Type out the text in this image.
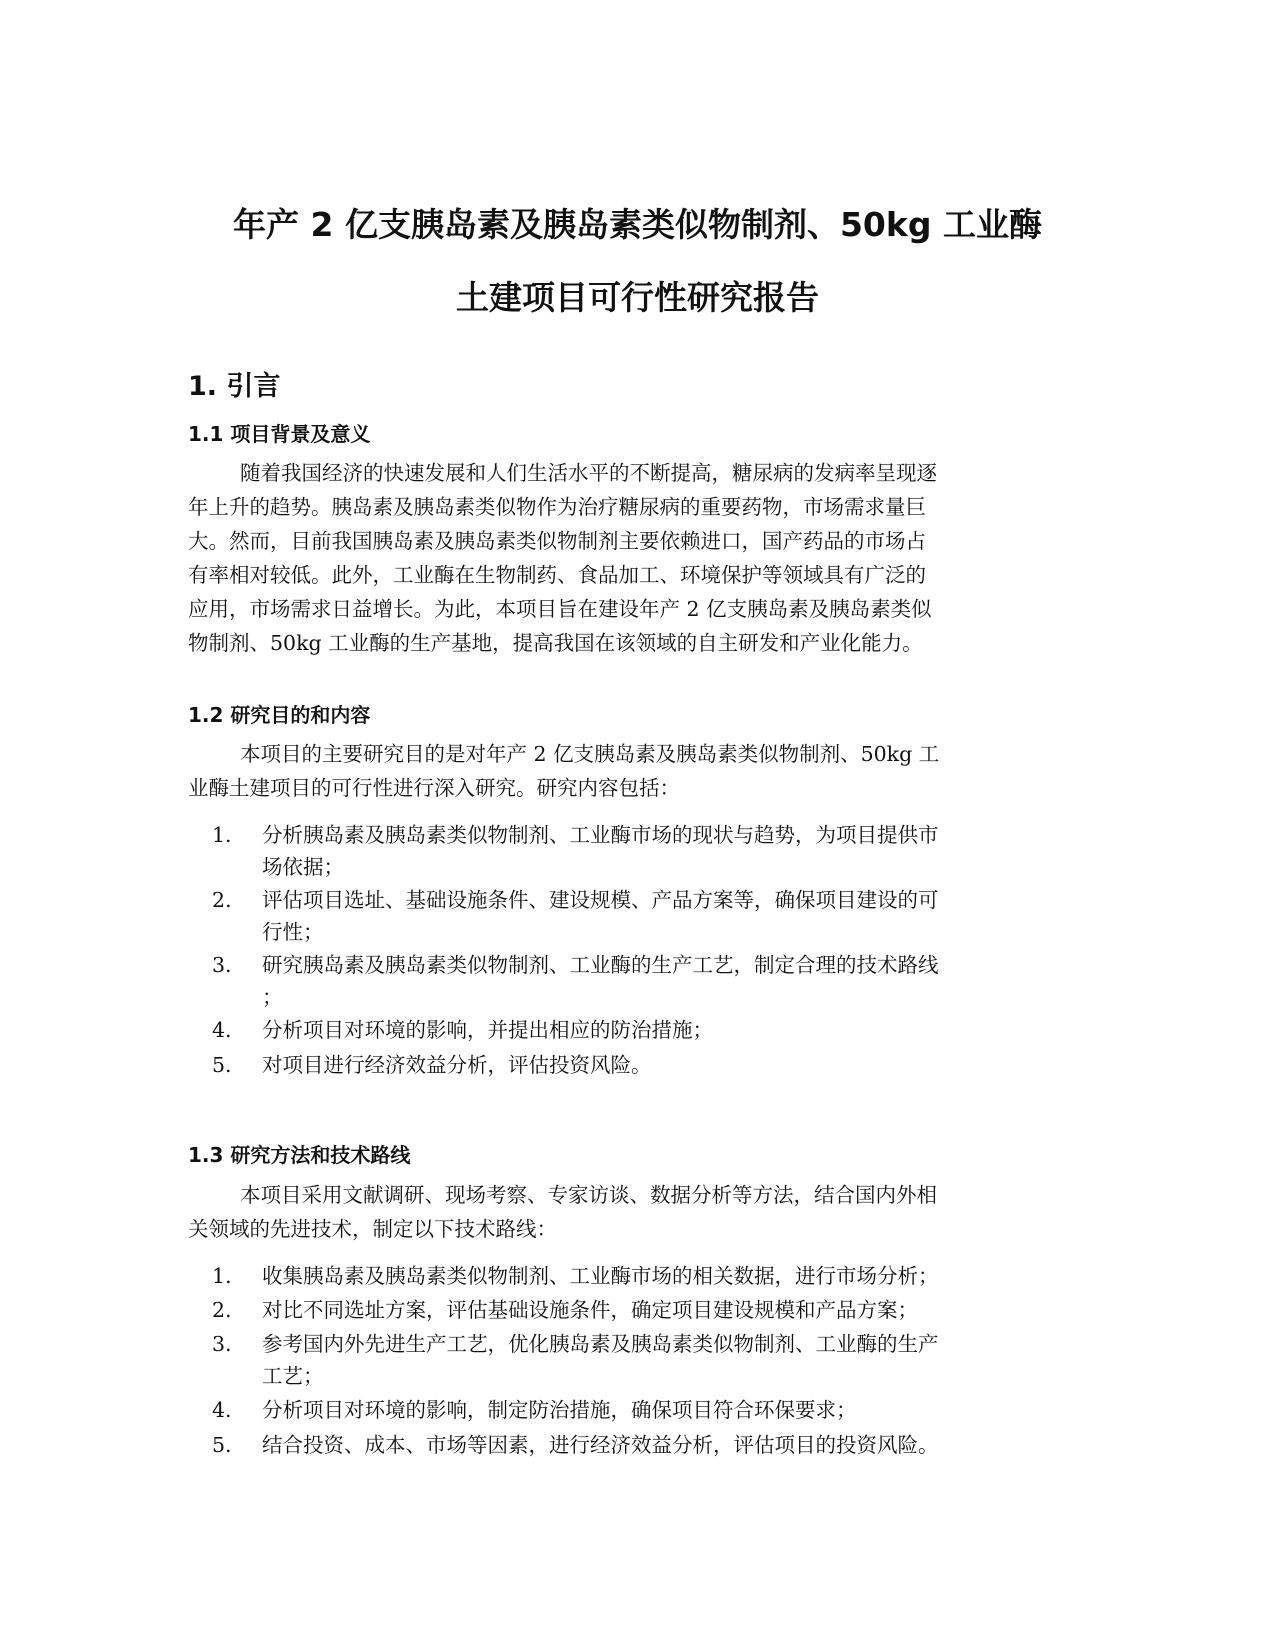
年产 2 亿支胰岛素及胰岛素类似物制剂、50kg 工业酶
土建项目可行性研究报告
1. 引言
1.1 项目背景及意义

随着我国经济的快速发展和人们生活水平的不断提高，糖尿病的发病率呈现逐

年上升的趋势。胰岛素及胰岛素类似物作为治疗糖尿病的重要药物，市场需求量巨

大。然而，目前我国胰岛素及胰岛素类似物制剂主要依赖进口，国产药品的市场占

有率相对较低。此外，工业酶在生物制药、食品加工、环境保护等领域具有广泛的

应用，市场需求日益增长。为此，本项目旨在建设年产 2 亿支胰岛素及胰岛素类似

物制剂、50kg 工业酶的生产基地，提高我国在该领域的自主研发和产业化能力。

1.2 研究目的和内容

本项目的主要研究目的是对年产 2 亿支胰岛素及胰岛素类似物制剂、50kg 工

业酶土建项目的可行性进行深入研究。研究内容包括：

1. 分析胰岛素及胰岛素类似物制剂、工业酶市场的现状与趋势，为项目提供市
场依据；
2. 评估项目选址、基础设施条件、建设规模、产品方案等，确保项目建设的可
行性；
3. 研究胰岛素及胰岛素类似物制剂、工业酶的生产工艺，制定合理的技术路线
；
4. 分析项目对环境的影响，并提出相应的防治措施；
5. 对项目进行经济效益分析，评估投资风险。
1.3 研究方法和技术路线

本项目采用文献调研、现场考察、专家访谈、数据分析等方法，结合国内外相

关领域的先进技术，制定以下技术路线：

1. 收集胰岛素及胰岛素类似物制剂、工业酶市场的相关数据，进行市场分析；
2. 对比不同选址方案，评估基础设施条件，确定项目建设规模和产品方案；
3. 参考国内外先进生产工艺，优化胰岛素及胰岛素类似物制剂、工业酶的生产
工艺；
4. 分析项目对环境的影响，制定防治措施，确保项目符合环保要求；
5. 结合投资、成本、市场等因素，进行经济效益分析，评估项目的投资风险。
